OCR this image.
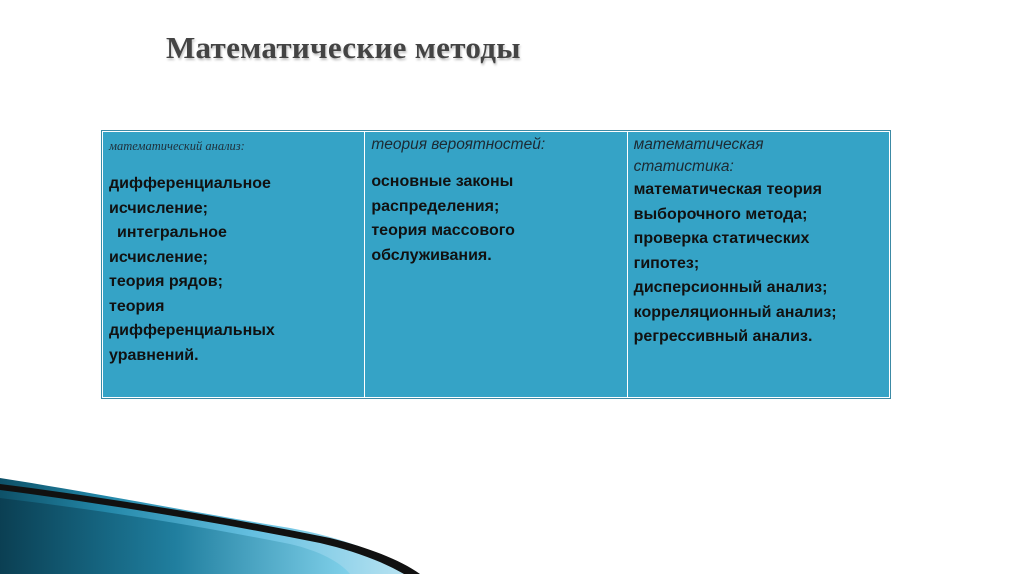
Математические методы
математический анализ:
дифференциальное
исчисление;
интегральное
исчисление;
теория рядов;
теория
дифференциальных
уравнений.
теория вероятностей:
основные законы
распределения;
теория массового
обслуживания.
математическая
статистика:
математическая теория
выборочного метода;
проверка статических
гипотез;
дисперсионный анализ;
корреляционный анализ;
регрессивный анализ.
